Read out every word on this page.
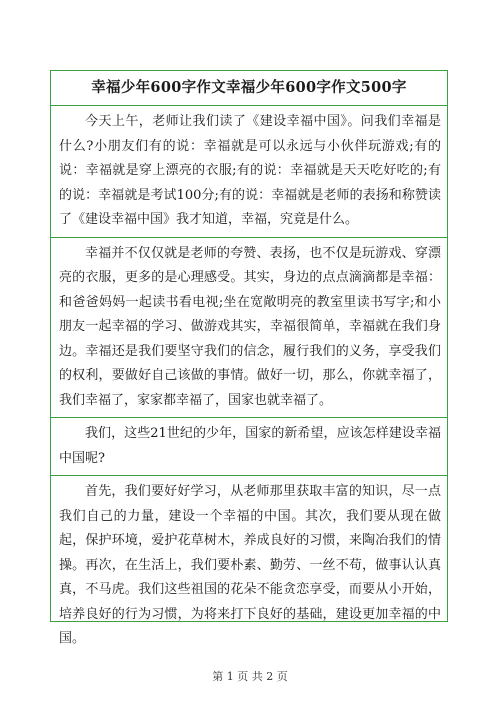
幸福少年600字作文幸福少年600字作文500字
今天上午，老师让我们读了《建设幸福中国》。问我们幸福是什么?小朋友们有的说：幸福就是可以永远与小伙伴玩游戏;有的说：幸福就是穿上漂亮的衣服;有的说：幸福就是天天吃好吃的;有的说：幸福就是考试100分;有的说：幸福就是老师的表扬和称赞读了《建设幸福中国》我才知道，幸福，究竟是什么。
幸福并不仅仅就是老师的夸赞、表扬，也不仅是玩游戏、穿漂亮的衣服，更多的是心理感受。其实，身边的点点滴滴都是幸福：和爸爸妈妈一起读书看电视;坐在宽敞明亮的教室里读书写字;和小朋友一起幸福的学习、做游戏其实，幸福很简单，幸福就在我们身边。幸福还是我们要坚守我们的信念，履行我们的义务，享受我们的权利，要做好自己该做的事情。做好一切，那么，你就幸福了，我们幸福了，家家都幸福了，国家也就幸福了。
我们，这些21世纪的少年，国家的新希望，应该怎样建设幸福中国呢?
首先，我们要好好学习，从老师那里获取丰富的知识，尽一点我们自己的力量，建设一个幸福的中国。其次，我们要从现在做起，保护环境，爱护花草树木，养成良好的习惯，来陶冶我们的情操。再次，在生活上，我们要朴素、勤劳、一丝不苟，做事认认真真，不马虎。我们这些祖国的花朵不能贪恋享受，而要从小开始，培养良好的行为习惯，为将来打下良好的基础，建设更加幸福的中国。
第 1 页 共 2 页
